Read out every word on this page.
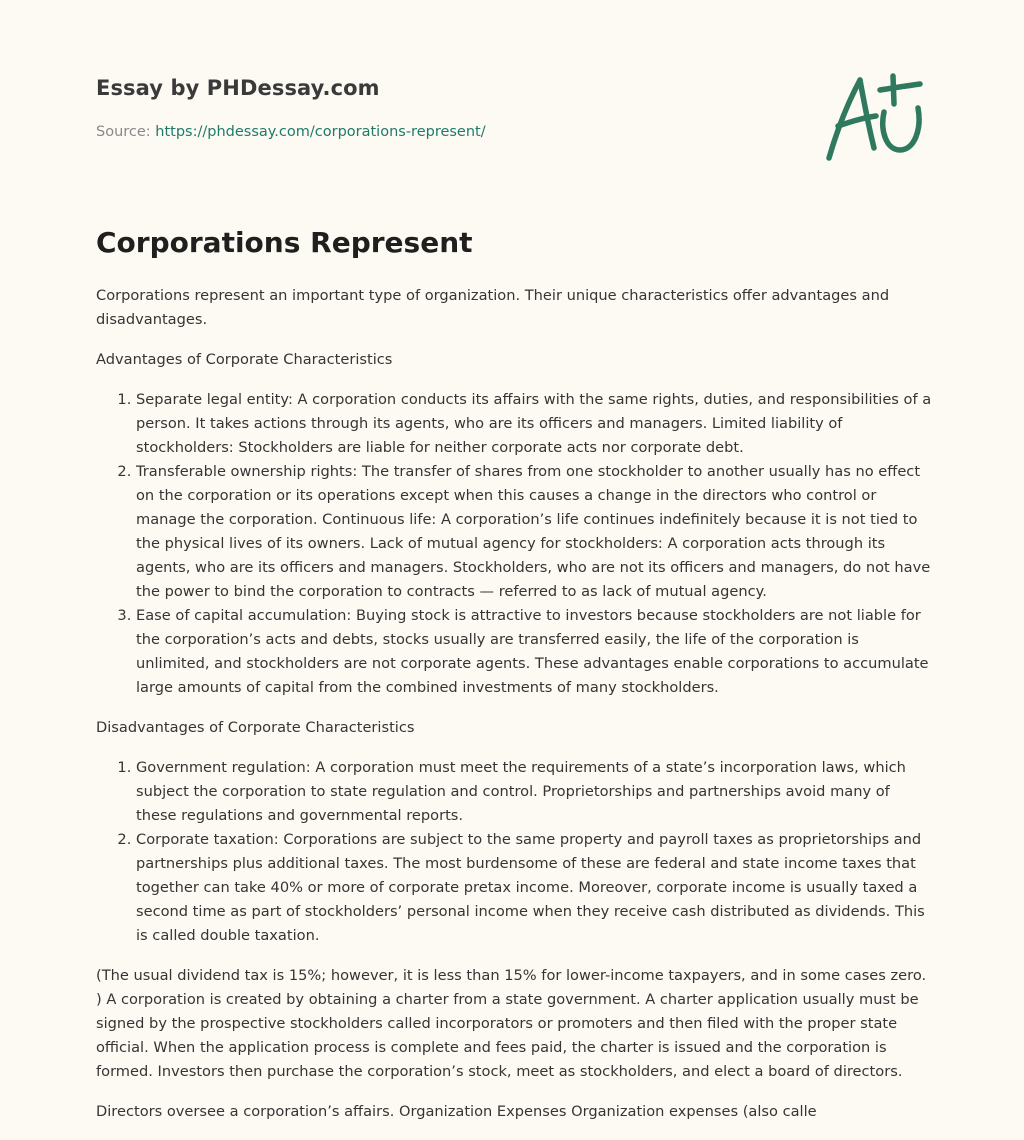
Essay by PHDessay.com

Source: https://phdessay.com/corporations-represent/

Corporations Represent

Corporations represent an important type of organization. Their unique characteristics offer advantages and disadvantages.

Advantages of Corporate Characteristics

1. Separate legal entity: A corporation conducts its affairs with the same rights, duties, and responsibilities of a person. It takes actions through its agents, who are its officers and managers. Limited liability of stockholders: Stockholders are liable for neither corporate acts nor corporate debt.
2. Transferable ownership rights: The transfer of shares from one stockholder to another usually has no effect on the corporation or its operations except when this causes a change in the directors who control or manage the corporation. Continuous life: A corporation’s life continues indefinitely because it is not tied to the physical lives of its owners. Lack of mutual agency for stockholders: A corporation acts through its agents, who are its officers and managers. Stockholders, who are not its officers and managers, do not have the power to bind the corporation to contracts — referred to as lack of mutual agency.
3. Ease of capital accumulation: Buying stock is attractive to investors because stockholders are not liable for the corporation’s acts and debts, stocks usually are transferred easily, the life of the corporation is unlimited, and stockholders are not corporate agents. These advantages enable corporations to accumulate large amounts of capital from the combined investments of many stockholders.

Disadvantages of Corporate Characteristics

1. Government regulation: A corporation must meet the requirements of a state’s incorporation laws, which subject the corporation to state regulation and control. Proprietorships and partnerships avoid many of these regulations and governmental reports.
2. Corporate taxation: Corporations are subject to the same property and payroll taxes as proprietorships and partnerships plus additional taxes. The most burdensome of these are federal and state income taxes that together can take 40% or more of corporate pretax income. Moreover, corporate income is usually taxed a second time as part of stockholders’ personal income when they receive cash distributed as dividends. This is called double taxation.

(The usual dividend tax is 15%; however, it is less than 15% for lower-income taxpayers, and in some cases zero. ) A corporation is created by obtaining a charter from a state government. A charter application usually must be signed by the prospective stockholders called incorporators or promoters and then filed with the proper state official. When the application process is complete and fees paid, the charter is issued and the corporation is formed. Investors then purchase the corporation’s stock, meet as stockholders, and elect a board of directors.

Directors oversee a corporation’s affairs. Organization Expenses Organization expenses (also calle
